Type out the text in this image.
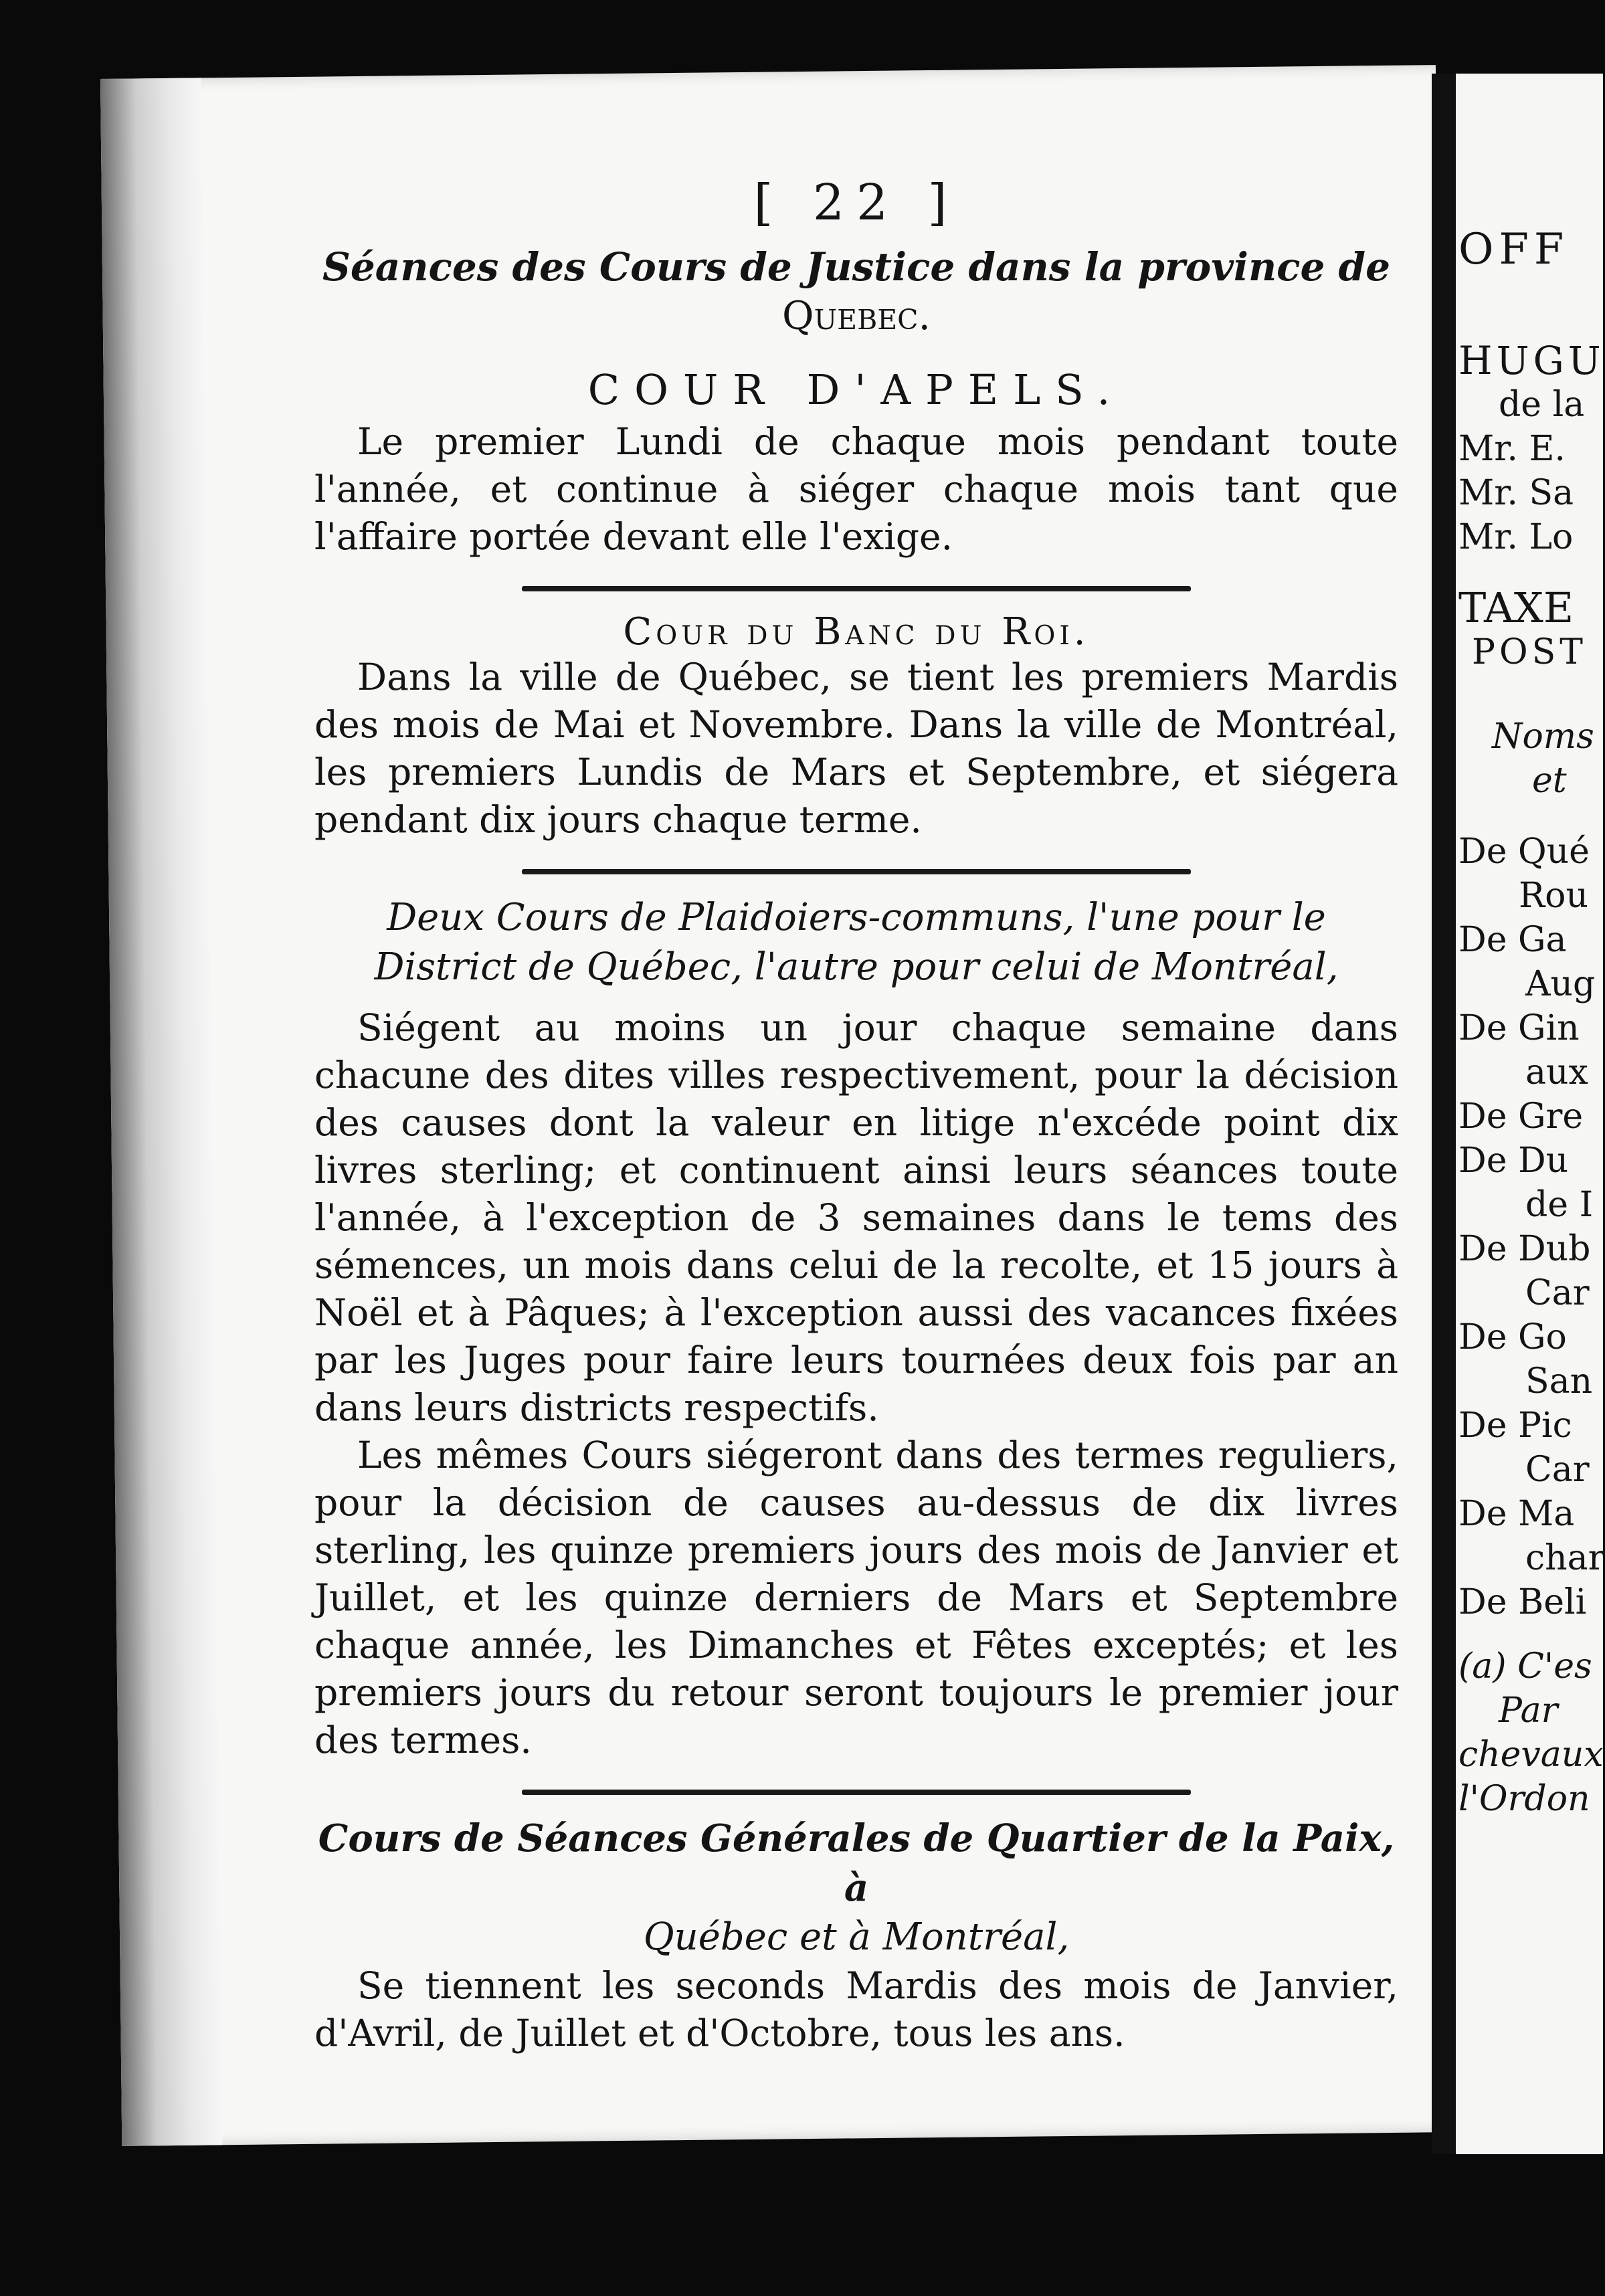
[ 22 ]
Séances des Cours de Justice dans la province de
Quebec.
COUR D'APELS.
Le premier Lundi de chaque mois pendant toute l'année, et continue à siéger chaque mois tant que l'affaire portée devant elle l'exige.
Cour du Banc du Roi.
Dans la ville de Québec, se tient les premiers Mardis des mois de Mai et Novembre. Dans la ville de Montréal, les premiers Lundis de Mars et Septembre, et siégera pendant dix jours chaque terme.
Deux Cours de Plaidoiers-communs, l'une pour le District de Québec, l'autre pour celui de Montréal,
Siégent au moins un jour chaque semaine dans chacune des dites villes respectivement, pour la décision des causes dont la valeur en litige n'excéde point dix livres sterling; et continuent ainsi leurs séances toute l'année, à l'exception de 3 semaines dans le tems des sémences, un mois dans celui de la recolte, et 15 jours à Noël et à Pâques; à l'exception aussi des vacances fixées par les Juges pour faire leurs tournées deux fois par an dans leurs districts respectifs.
Les mêmes Cours siégeront dans des termes reguliers, pour la décision de causes au-dessus de dix livres sterling, les quinze premiers jours des mois de Janvier et Juillet, et les quinze derniers de Mars et Septembre chaque année, les Dimanches et Fêtes exceptés; et les premiers jours du retour seront toujours le premier jour des termes.
Cours de Séances Générales de Quartier de la Paix, à
Québec et à Montréal,
Se tiennent les seconds Mardis des mois de Janvier, d'Avril, de Juillet et d'Octobre, tous les ans.
OFF
HUGU
de la
Mr. E.
Mr. Sa
Mr. Lo
TAXE
POST
Noms
et
De Qué
Rou
De Ga
Aug
De Gin
aux
De Gre
De Du
de I
De Dub
Car
De Go
San
De Pic
Car
De Ma
char
De Beli
(a) C'es
Par
chevaux
l'Ordon
